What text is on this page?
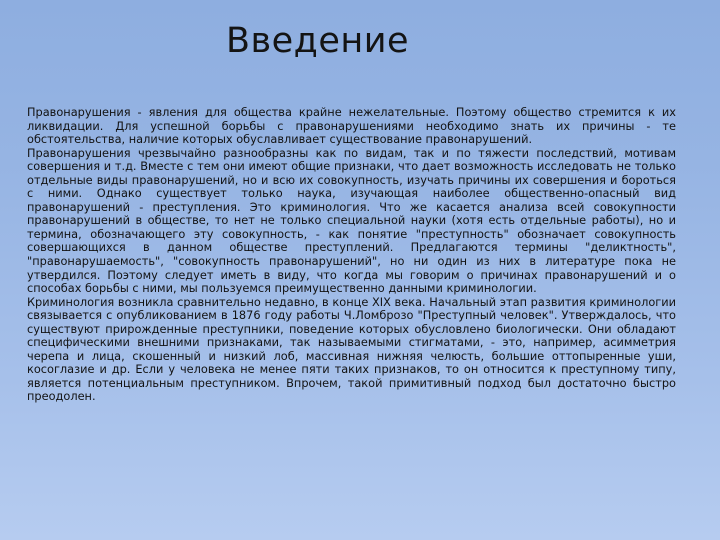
Введение

Правонарушения - явления для общества крайне нежелательные. Поэтому общество стремится к их ликвидации. Для успешной борьбы с правонарушениями необходимо знать их причины - те обстоятельства, наличие которых обуславливает существование правонарушений.

Правонарушения чрезвычайно разнообразны как по видам, так и по тяжести последствий, мотивам совершения и т.д. Вместе с тем они имеют общие признаки, что дает возможность исследовать не только отдельные виды правонарушений, но и всю их совокупность, изучать причины их совершения и бороться с ними. Однако существует только наука, изучающая наиболее общественно-опасный вид правонарушений - преступления. Это криминология. Что же касается анализа всей совокупности правонарушений в обществе, то нет не только специальной науки (хотя есть отдельные работы), но и термина, обозначающего эту совокупность, - как понятие "преступность" обозначает совокупность совершающихся в данном обществе преступлений. Предлагаются термины "деликтность", "правонарушаемость", "совокупность правонарушений", но ни один из них в литературе пока не утвердился. Поэтому следует иметь в виду, что когда мы говорим о причинах правонарушений и о способах борьбы с ними, мы пользуемся преимущественно данными криминологии.

Криминология возникла сравнительно недавно, в конце XIX века. Начальный этап развития криминологии связывается с опубликованием в 1876 году работы Ч.Ломброзо "Преступный человек". Утверждалось, что существуют прирожденные преступники, поведение которых обусловлено биологически. Они обладают специфическими внешними признаками, так называемыми стигматами, - это, например, асимметрия черепа и лица, скошенный и низкий лоб, массивная нижняя челюсть, большие оттопыренные уши, косоглазие и др. Если у человека не менее пяти таких признаков, то он относится к преступному типу, является потенциальным преступником. Впрочем, такой примитивный подход был достаточно быстро преодолен.
